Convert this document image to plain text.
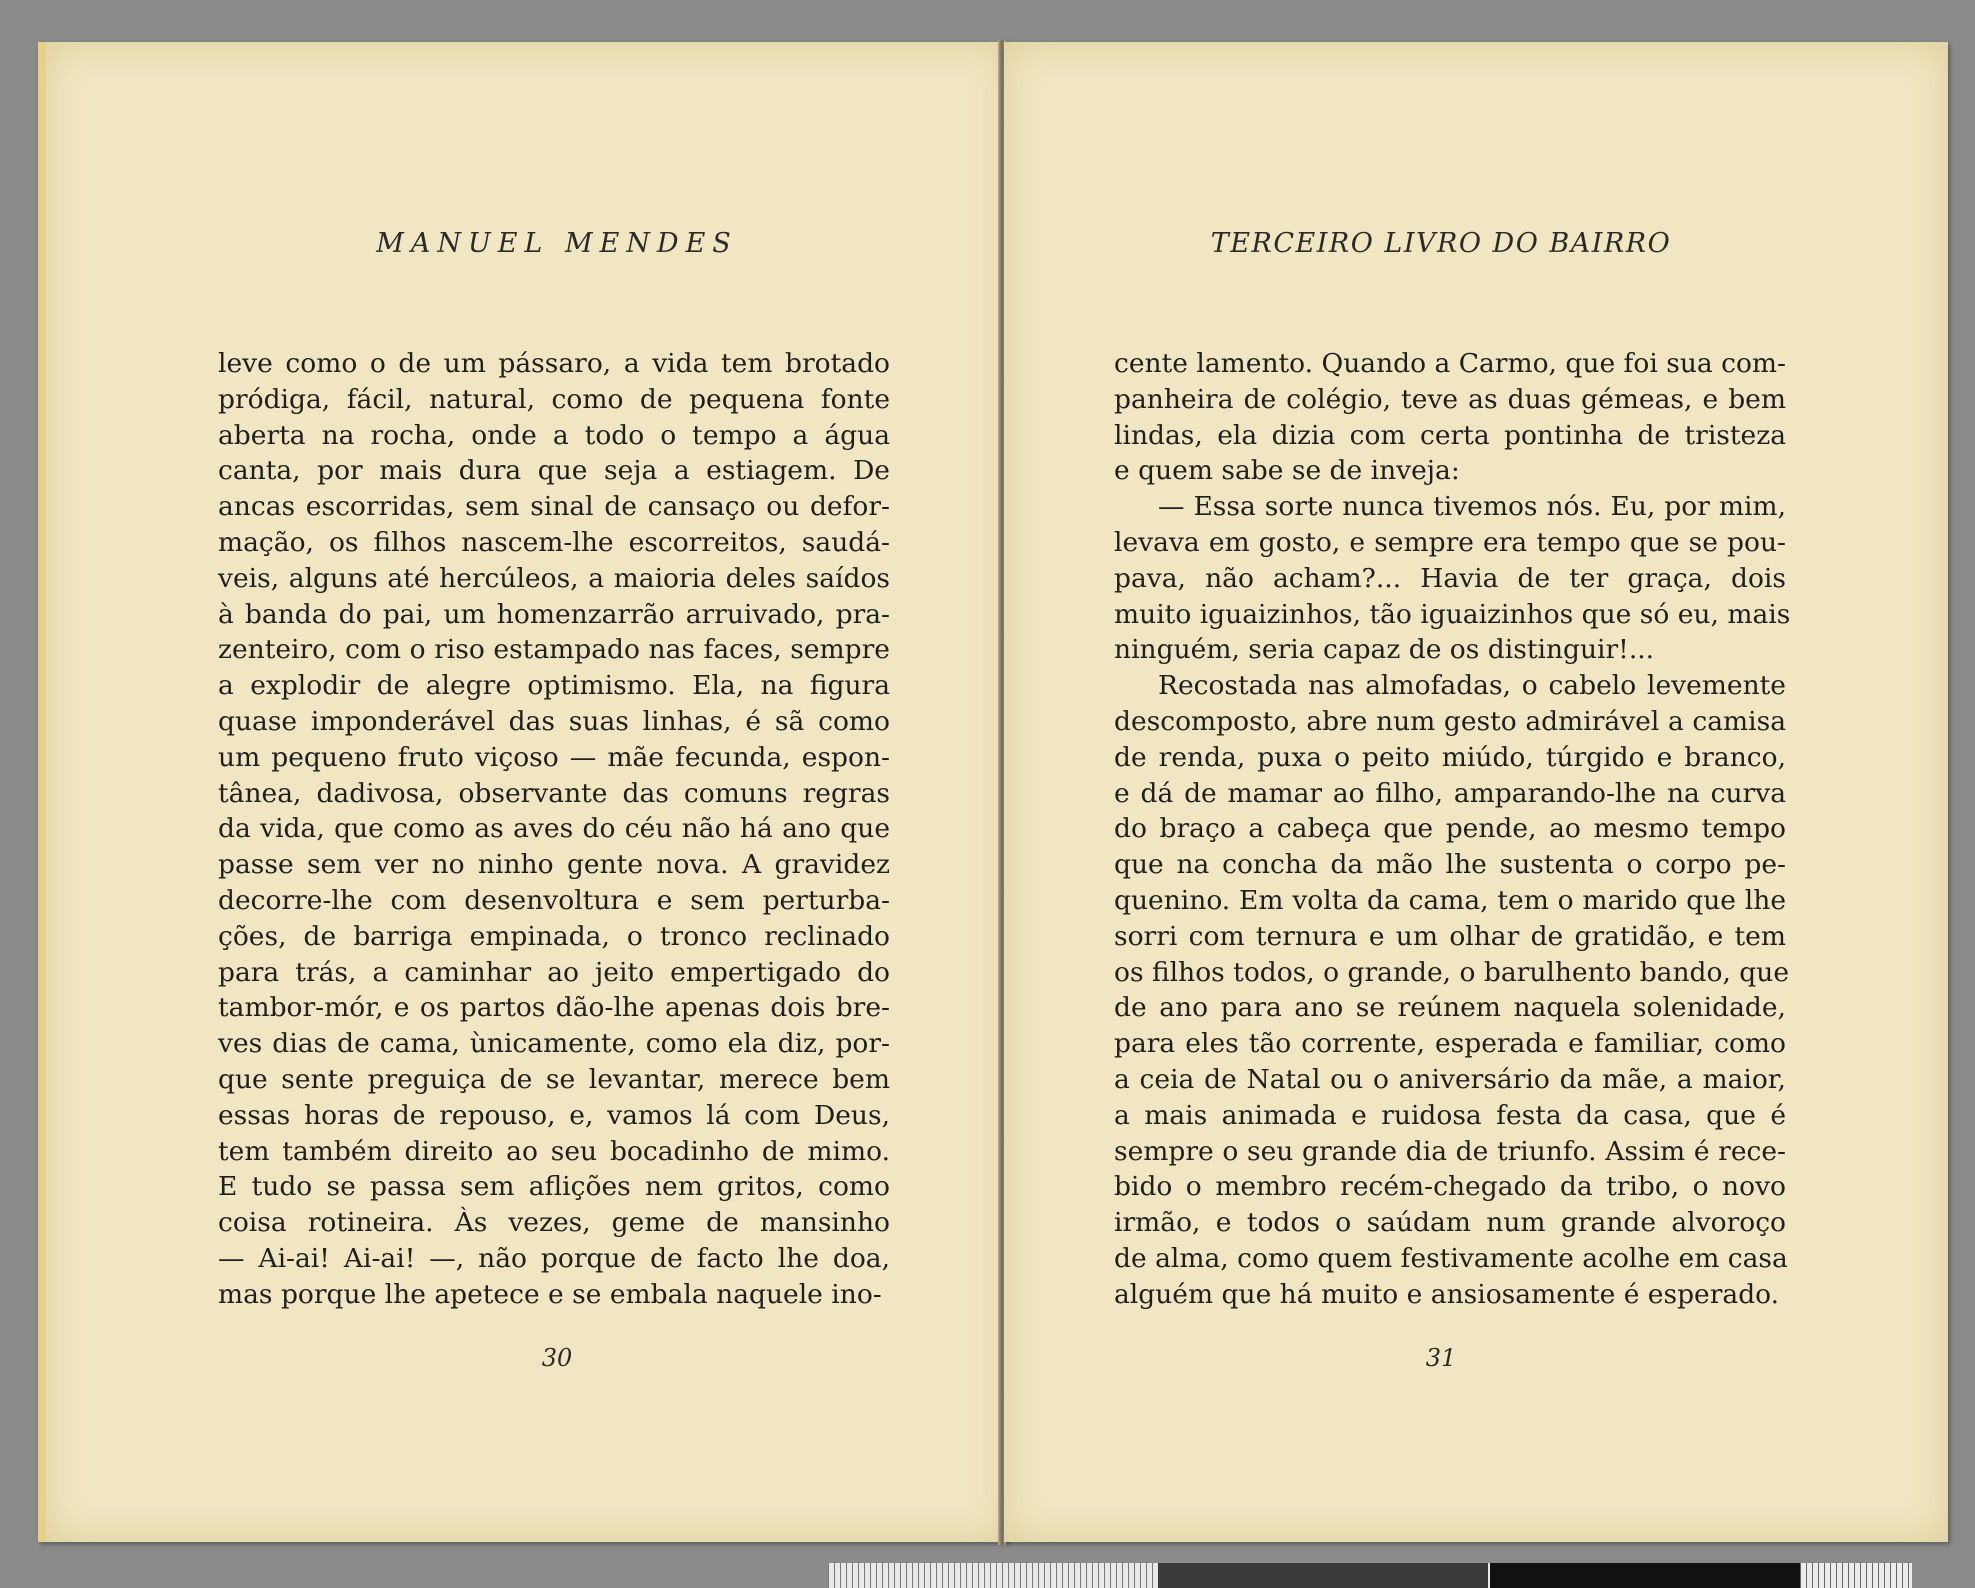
MANUEL MENDES
leve como o de um pássaro, a vida tem brotado
pródiga, fácil, natural, como de pequena fonte
aberta na rocha, onde a todo o tempo a água
canta, por mais dura que seja a estiagem. De
ancas escorridas, sem sinal de cansaço ou defor-
mação, os filhos nascem-lhe escorreitos, saudá-
veis, alguns até hercúleos, a maioria deles saídos
à banda do pai, um homenzarrão arruivado, pra-
zenteiro, com o riso estampado nas faces, sempre
a explodir de alegre optimismo. Ela, na figura
quase imponderável das suas linhas, é sã como
um pequeno fruto viçoso — mãe fecunda, espon-
tânea, dadivosa, observante das comuns regras
da vida, que como as aves do céu não há ano que
passe sem ver no ninho gente nova. A gravidez
decorre-lhe com desenvoltura e sem perturba-
ções, de barriga empinada, o tronco reclinado
para trás, a caminhar ao jeito empertigado do
tambor-mór, e os partos dão-lhe apenas dois bre-
ves dias de cama, ùnicamente, como ela diz, por-
que sente preguiça de se levantar, merece bem
essas horas de repouso, e, vamos lá com Deus,
tem também direito ao seu bocadinho de mimo.
E tudo se passa sem aflições nem gritos, como
coisa rotineira. Às vezes, geme de mansinho
— Ai-ai! Ai-ai! —, não porque de facto lhe doa,
mas porque lhe apetece e se embala naquele ino-
30
TERCEIRO LIVRO DO BAIRRO
cente lamento. Quando a Carmo, que foi sua com-
panheira de colégio, teve as duas gémeas, e bem
lindas, ela dizia com certa pontinha de tristeza
e quem sabe se de inveja:
— Essa sorte nunca tivemos nós. Eu, por mim,
levava em gosto, e sempre era tempo que se pou-
pava, não acham?... Havia de ter graça, dois
muito iguaizinhos, tão iguaizinhos que só eu, mais
ninguém, seria capaz de os distinguir!...
Recostada nas almofadas, o cabelo levemente
descomposto, abre num gesto admirável a camisa
de renda, puxa o peito miúdo, túrgido e branco,
e dá de mamar ao filho, amparando-lhe na curva
do braço a cabeça que pende, ao mesmo tempo
que na concha da mão lhe sustenta o corpo pe-
quenino. Em volta da cama, tem o marido que lhe
sorri com ternura e um olhar de gratidão, e tem
os filhos todos, o grande, o barulhento bando, que
de ano para ano se reúnem naquela solenidade,
para eles tão corrente, esperada e familiar, como
a ceia de Natal ou o aniversário da mãe, a maior,
a mais animada e ruidosa festa da casa, que é
sempre o seu grande dia de triunfo. Assim é rece-
bido o membro recém-chegado da tribo, o novo
irmão, e todos o saúdam num grande alvoroço
de alma, como quem festivamente acolhe em casa
alguém que há muito e ansiosamente é esperado.
31
